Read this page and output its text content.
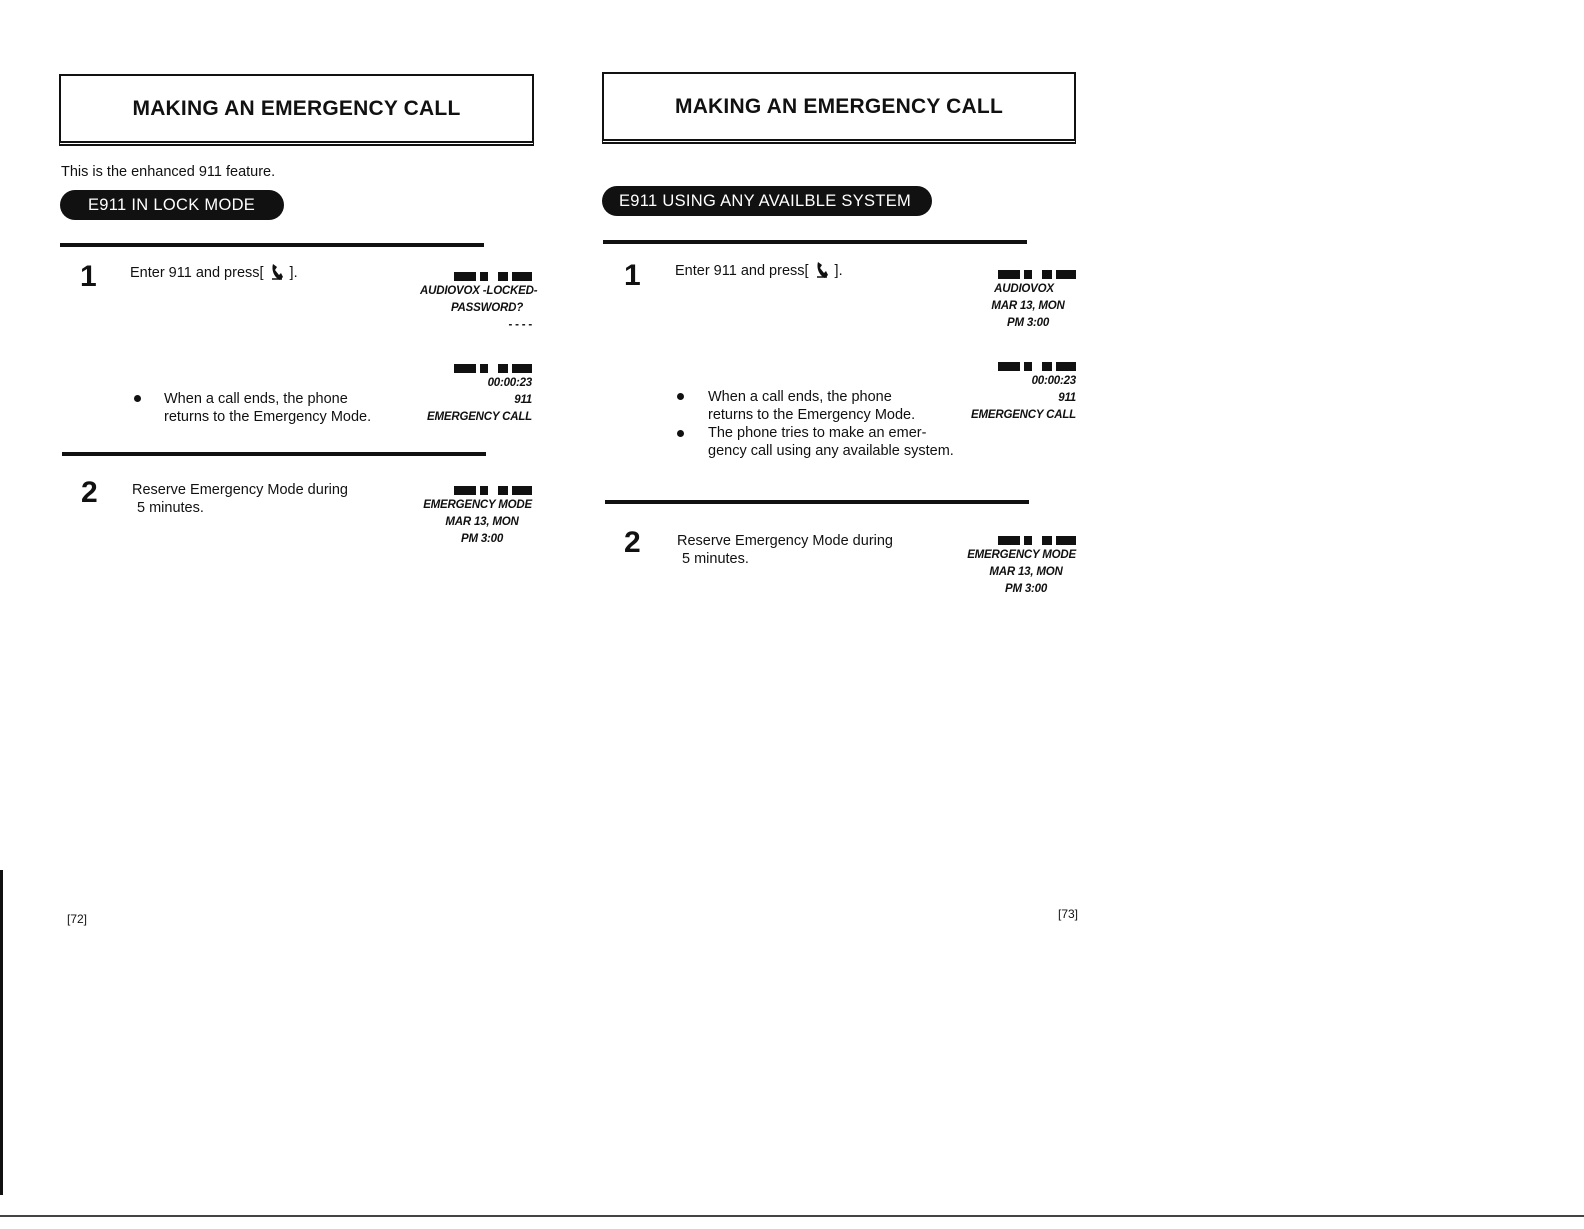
MAKING AN EMERGENCY CALL
This is the enhanced 911 feature.
E911 IN LOCK MODE
1 Enter 911 and press[ ].
AUDIOVOX -LOCKED-
PASSWORD?
- - - -
00:00:23
911
EMERGENCY CALL
When a call ends, the phone
returns to the Emergency Mode.
2 Reserve Emergency Mode during
5 minutes.	EMERGENCY MODE
MAR 13, MON
PM 3:00
[72]
MAKING AN EMERGENCY CALL
E911 USING ANY AVAILBLE SYSTEM
1 Enter 911 and press[ ].
AUDIOVOX
MAR 13, MON
PM 3:00
00:00:23
911
EMERGENCY CALL
When a call ends, the phone
returns to the Emergency Mode.
The phone tries to make an emer-
gency call using any available system.
2	Reserve Emergency Mode during
5 minutes.	EMERGENCY MODE
MAR 13, MON
PM 3:00
[73]
